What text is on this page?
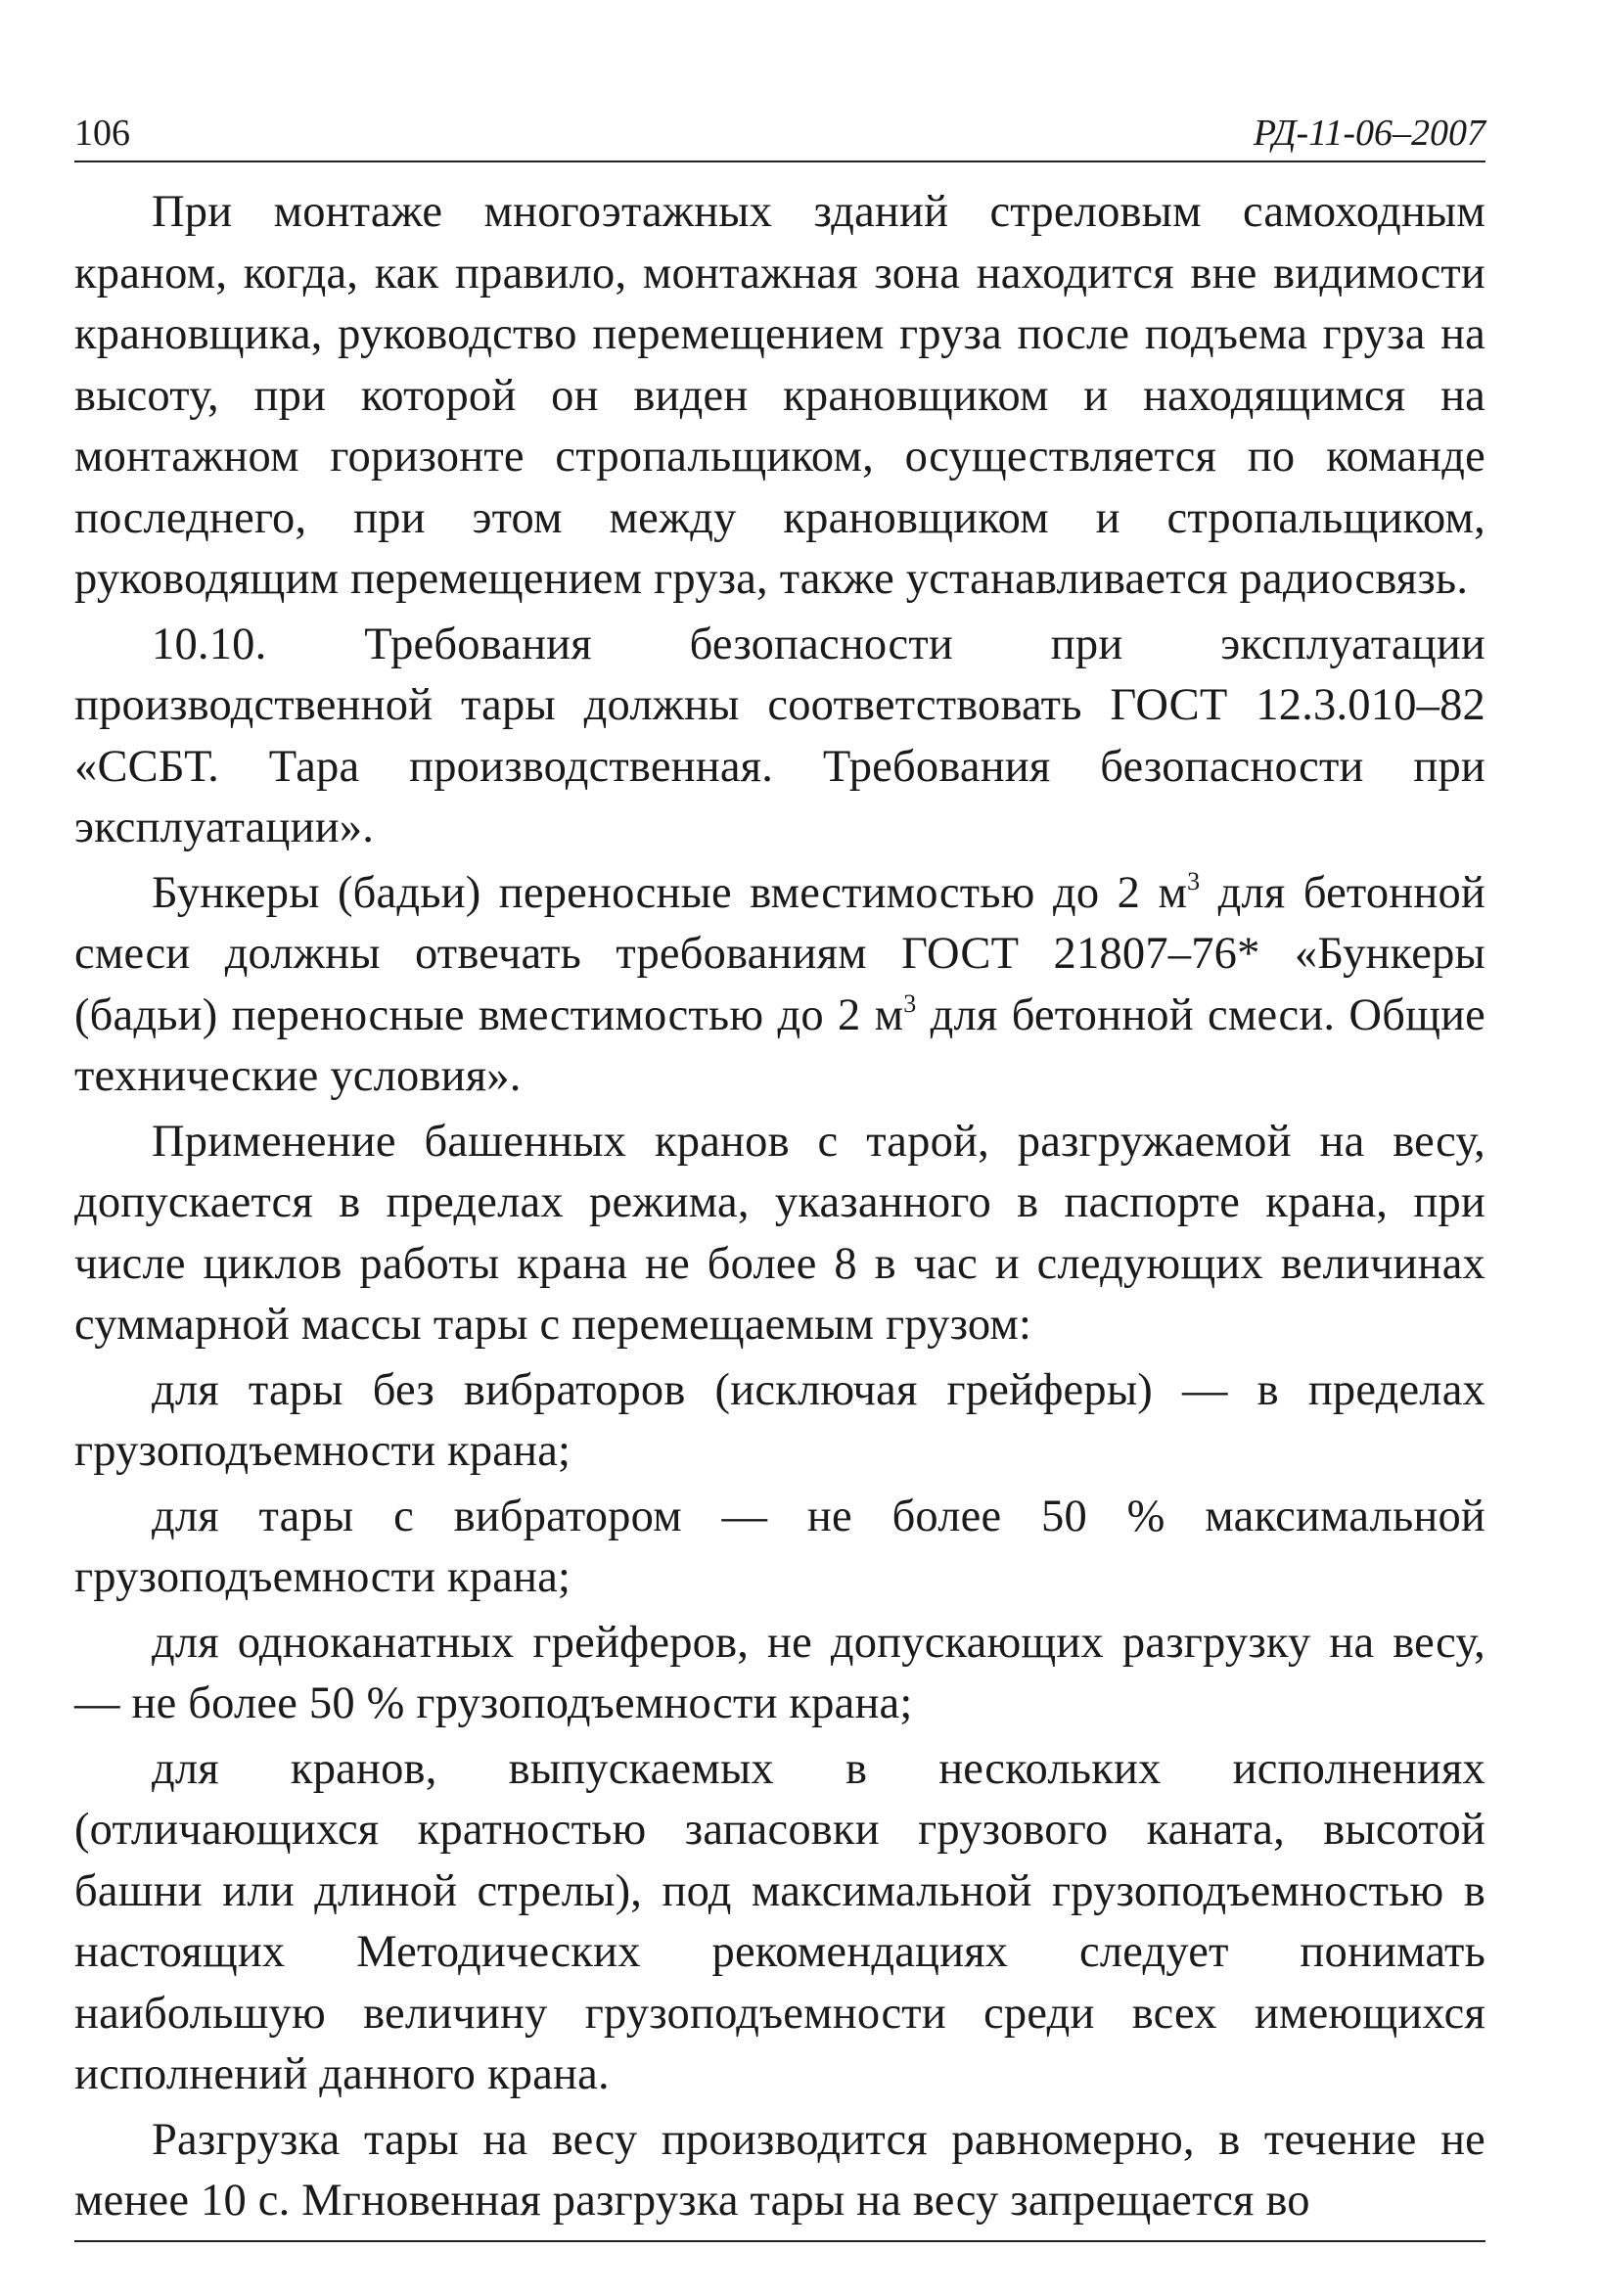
106	РД-11-06–2007

При монтаже многоэтажных зданий стреловым самоходным краном, когда, как правило, монтажная зона находится вне видимости крановщика, руководство перемещением груза после подъема груза на высоту, при которой он виден крановщиком и находящимся на монтажном горизонте стропальщиком, осуществляется по команде последнего, при этом между крановщиком и стропальщиком, руководящим перемещением груза, также устанавливается радиосвязь.

10.10. Требования безопасности при эксплуатации производственной тары должны соответствовать ГОСТ 12.3.010–82 «ССБТ. Тара производственная. Требования безопасности при эксплуатации».

Бункеры (бадьи) переносные вместимостью до 2 $м^3$ для бетонной смеси должны отвечать требованиям ГОСТ 21807–76* «Бункеры (бадьи) переносные вместимостью до 2 $м^3$ для бетонной смеси. Общие технические условия».

Применение башенных кранов с тарой, разгружаемой на весу, допускается в пределах режима, указанного в паспорте крана, при числе циклов работы крана не более 8 в час и следующих величинах суммарной массы тары с перемещаемым грузом:

для тары без вибраторов (исключая грейферы) — в пределах грузоподъемности крана;

для тары с вибратором — не более 50 % максимальной грузоподъемности крана;

для одноканатных грейферов, не допускающих разгрузку на весу, — не более 50 % грузоподъемности крана;

для кранов, выпускаемых в нескольких исполнениях (отличающихся кратностью запасовки грузового каната, высотой башни или длиной стрелы), под максимальной грузоподъемностью в настоящих Методических рекомендациях следует понимать наибольшую величину грузоподъемности среди всех имеющихся исполнений данного крана.

Разгрузка тары на весу производится равномерно, в течение не менее 10 с. Мгновенная разгрузка тары на весу запрещается во
